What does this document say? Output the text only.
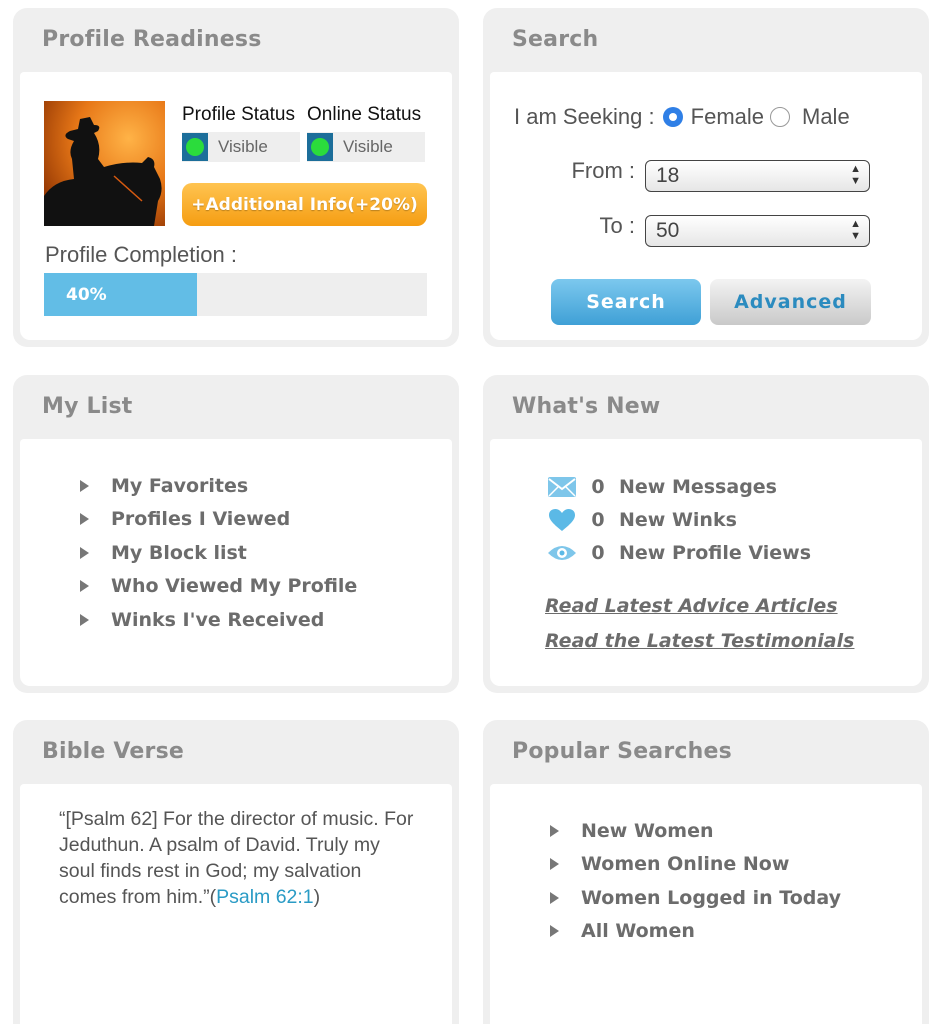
Profile Readiness
Profile Status
Visible
Online Status
Visible
+Additional Info(+20%)
Profile Completion :
40%
Search
I am Seeking : Female Male
From :	18	▲
▼
To :	50	▲
▼
Search	Advanced
My List
My Favorites
Profiles I Viewed
My Block list
Who Viewed My Profile
Winks I've Received
What's New
0 New Messages
0 New Winks
0 New Profile Views
Read Latest Advice Articles
Read the Latest Testimonials
Bible Verse
“[Psalm 62] For the director of music. For Jeduthun. A psalm of David. Truly my soul finds rest in God; my salvation comes from him.”(Psalm 62:1)
Popular Searches
New Women
Women Online Now
Women Logged in Today
All Women
